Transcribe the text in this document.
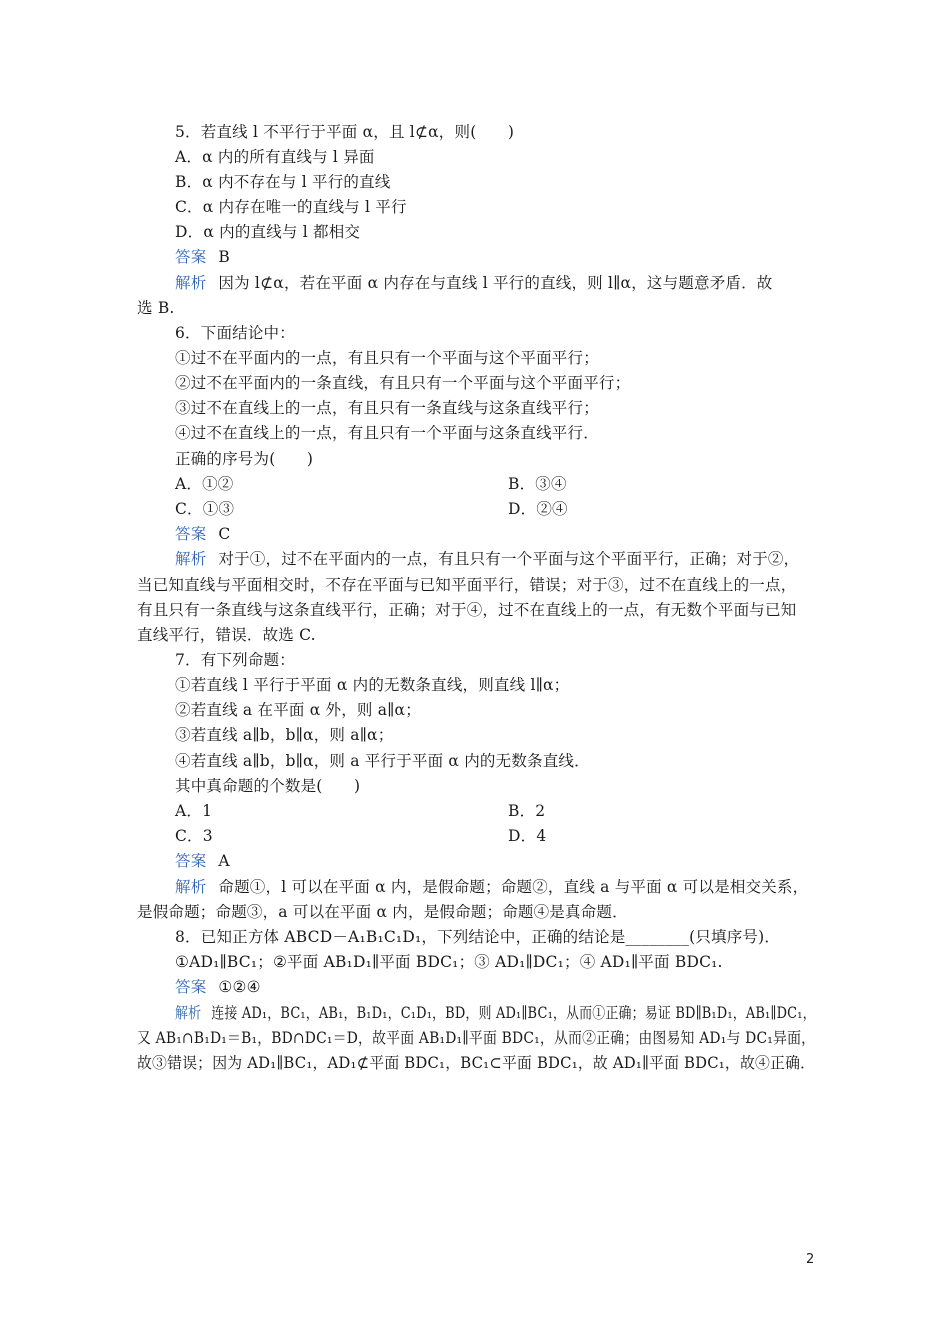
5．若直线 l 不平行于平面 α，且 l⊄α，则(　　)
A．α 内的所有直线与 l 异面
B．α 内不存在与 l 平行的直线
C．α 内存在唯一的直线与 l 平行
D．α 内的直线与 l 都相交
答案 B
解析 因为 l⊄α，若在平面 α 内存在与直线 l 平行的直线，则 l∥α，这与题意矛盾．故
选 B.
6．下面结论中：
①过不在平面内的一点，有且只有一个平面与这个平面平行；
②过不在平面内的一条直线，有且只有一个平面与这个平面平行；
③过不在直线上的一点，有且只有一条直线与这条直线平行；
④过不在直线上的一点，有且只有一个平面与这条直线平行．
正确的序号为(　　)
A．①②	B．③④
C．①③	D．②④
答案 C
解析 对于①，过不在平面内的一点，有且只有一个平面与这个平面平行，正确；对于②，
当已知直线与平面相交时，不存在平面与已知平面平行，错误；对于③，过不在直线上的一点，
有且只有一条直线与这条直线平行，正确；对于④，过不在直线上的一点，有无数个平面与已知
直线平行，错误．故选 C.
7．有下列命题：
①若直线 l 平行于平面 α 内的无数条直线，则直线 l∥α；
②若直线 a 在平面 α 外，则 a∥α；
③若直线 a∥b，b∥α，则 a∥α；
④若直线 a∥b，b∥α，则 a 平行于平面 α 内的无数条直线．
其中真命题的个数是(　　)
A．1	B．2
C．3	D．4
答案 A
解析 命题①，l 可以在平面 α 内，是假命题；命题②，直线 a 与平面 α 可以是相交关系，
是假命题；命题③，a 可以在平面 α 内，是假命题；命题④是真命题．
8．已知正方体 ABCD－A₁B₁C₁D₁，下列结论中，正确的结论是________(只填序号)．
①AD₁∥BC₁；②平面 AB₁D₁∥平面 BDC₁；③ AD₁∥DC₁；④ AD₁∥平面 BDC₁.
答案 ①②④
解析 连接 AD₁，BC₁，AB₁，B₁D₁，C₁D₁，BD，则 AD₁∥BC₁，从而①正确；易证 BD∥B₁D₁，AB₁∥DC₁，
又 AB₁∩B₁D₁＝B₁，BD∩DC₁＝D，故平面 AB₁D₁∥平面 BDC₁，从而②正确；由图易知 AD₁与 DC₁异面，
故③错误；因为 AD₁∥BC₁，AD₁⊄平面 BDC₁，BC₁⊂平面 BDC₁，故 AD₁∥平面 BDC₁，故④正确．
2
